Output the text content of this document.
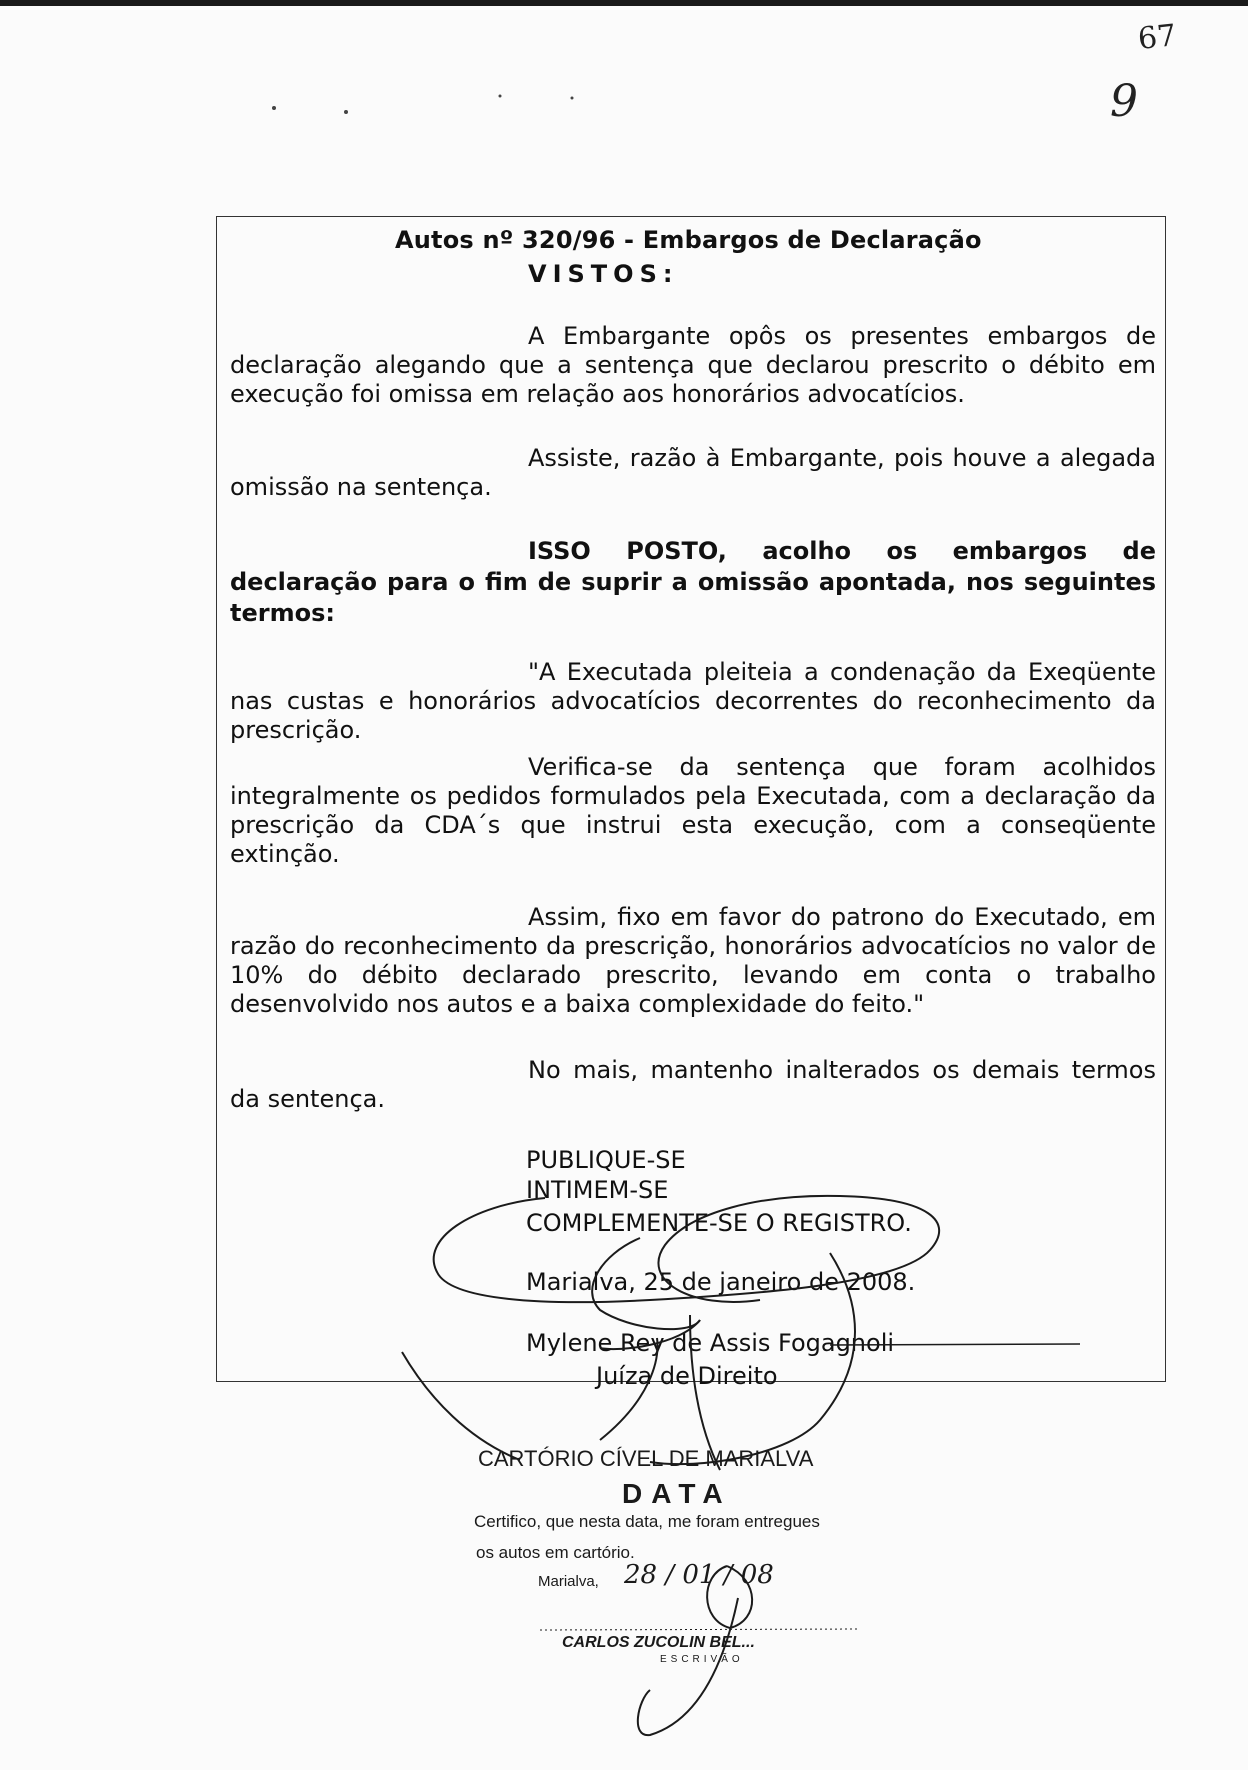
67
9
Autos nº 320/96 - Embargos de Declaração
VISTOS:
A Embargante opôs os presentes embargos de declaração alegando que a sentença que declarou prescrito o débito em execução foi omissa em relação aos honorários advocatícios.
Assiste, razão à Embargante, pois houve a alegada omissão na sentença.
ISSO POSTO, acolho os embargos de declaração para o fim de suprir a omissão apontada, nos seguintes termos:
"A Executada pleiteia a condenação da Exeqüente nas custas e honorários advocatícios decorrentes do reconhecimento da prescrição.
Verifica-se da sentença que foram acolhidos integralmente os pedidos formulados pela Executada, com a declaração da prescrição da CDA´s que instrui esta execução, com a conseqüente extinção.
Assim, fixo em favor do patrono do Executado, em razão do reconhecimento da prescrição, honorários advocatícios no valor de 10% do débito declarado prescrito, levando em conta o trabalho desenvolvido nos autos e a baixa complexidade do feito."
No mais, mantenho inalterados os demais termos da sentença.
PUBLIQUE-SE
INTIMEM-SE
COMPLEMENTE-SE O REGISTRO.
Marialva, 25 de janeiro de 2008.
Mylene Rey de Assis Fogagnoli
Juíza de Direito
CARTÓRIO CÍVEL DE MARIALVA
DATA
Certifico, que nesta data, me foram entregues
os autos em cartório.
Marialva, 28 / 01 / 08
CARLOS ZUCOLIN BEL...
ESCRIVÃO
